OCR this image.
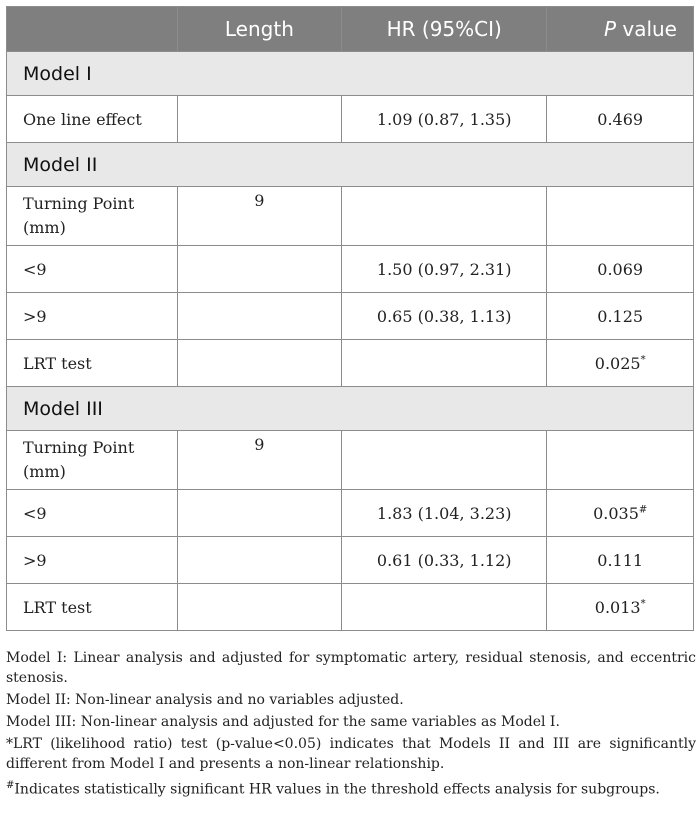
	Length	HR (95%CI)	P value
Model I			
One line effect		1.09 (0.87, 1.35)	0.469
Model II			
Turning Point (mm)	9		
<9		1.50 (0.97, 2.31)	0.069
>9		0.65 (0.38, 1.13)	0.125
LRT test			0.025*
Model III			
Turning Point (mm)	9		
<9		1.83 (1.04, 3.23)	0.035#
>9		0.61 (0.33, 1.12)	0.111
LRT test			0.013*

Model I: Linear analysis and adjusted for symptomatic artery, residual stenosis, and eccentric stenosis.

Model II: Non-linear analysis and no variables adjusted.

Model III: Non-linear analysis and adjusted for the same variables as Model I.

*LRT (likelihood ratio) test (p-value<0.05) indicates that Models II and III are significantly different from Model I and presents a non-linear relationship.

#Indicates statistically significant HR values in the threshold effects analysis for subgroups.
